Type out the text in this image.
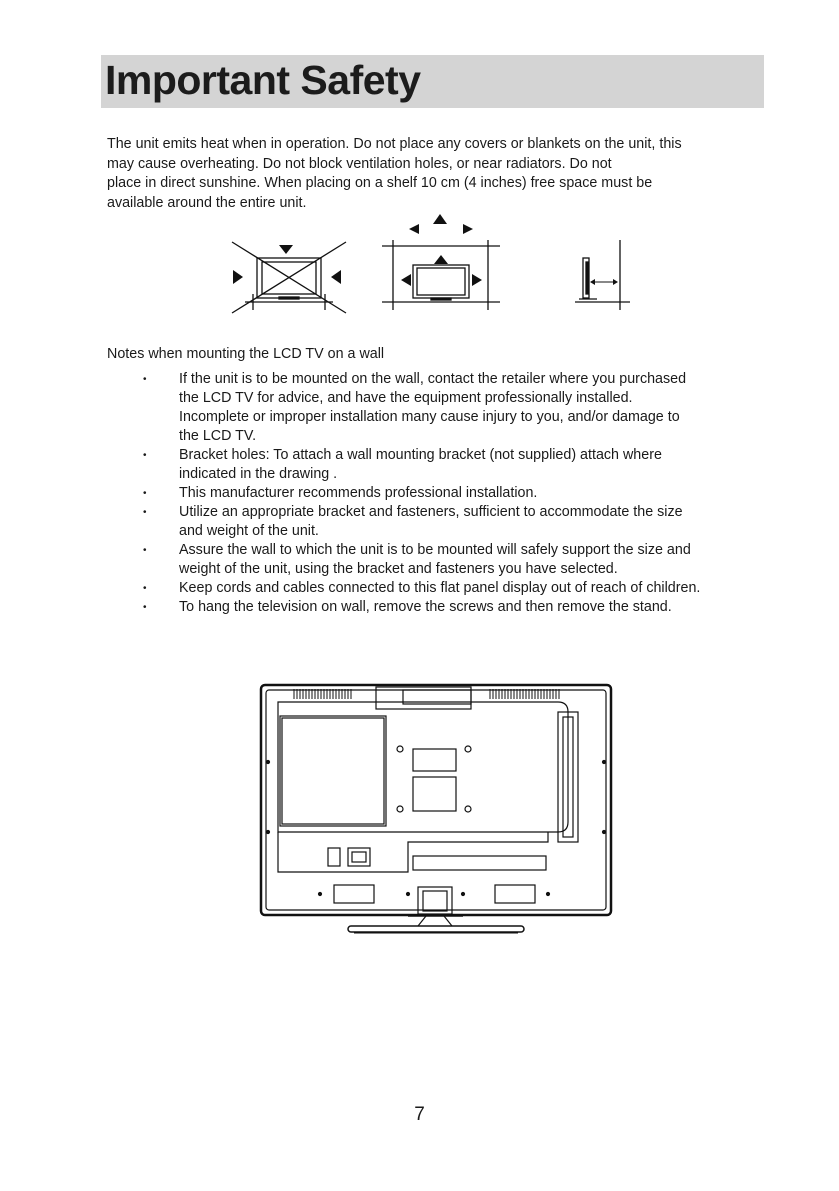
Important Safety

The unit emits heat when in operation. Do not place any covers or blankets on the unit, this

may cause overheating. Do not block ventilation holes, or near radiators. Do not

place in direct sunshine. When placing on a shelf 10 cm (4 inches) free space must be

available around the entire unit.

Notes when mounting the LCD TV on a wall
• If the unit is to be mounted on the wall, contact the retailer where you purchased
the LCD TV for advice, and have the equipment professionally installed.
Incomplete or improper installation many cause injury to you, and/or damage to
the LCD TV.
• Bracket holes: To attach a wall mounting bracket (not supplied) attach where
indicated in the drawing .
• This manufacturer recommends professional installation.
• Utilize an appropriate bracket and fasteners, sufficient to accommodate the size
and weight of the unit.
• Assure the wall to which the unit is to be mounted will safely support the size and
weight of the unit, using the bracket and fasteners you have selected.
• Keep cords and cables connected to this flat panel display out of reach of children.
• To hang the television on wall, remove the screws and then remove the stand.
7
